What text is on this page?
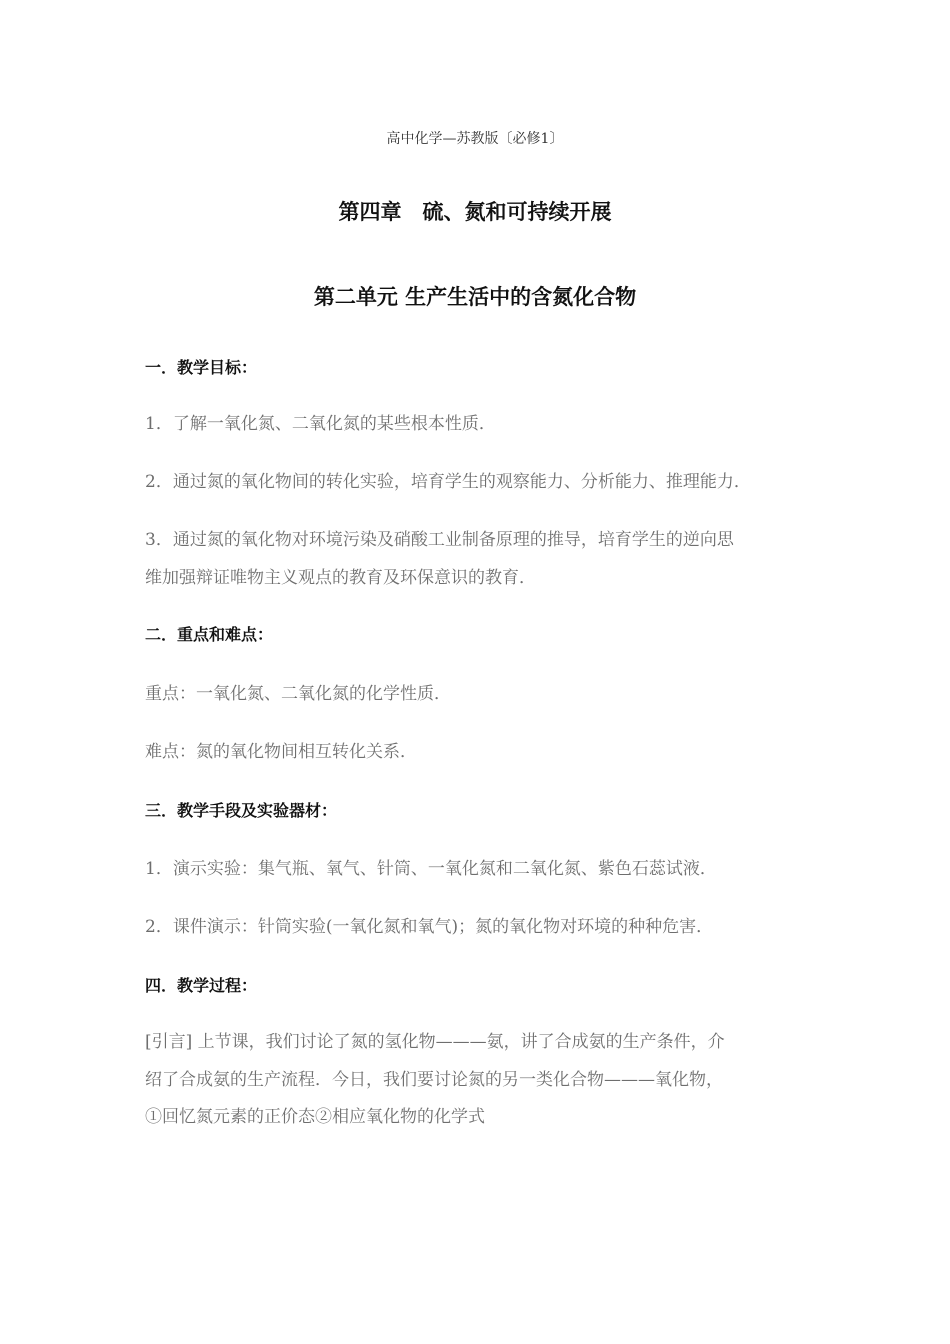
高中化学—苏教版〔必修1〕
第四章　硫、氮和可持续开展
第二单元 生产生活中的含氮化合物
一．教学目标：
1．了解一氧化氮、二氧化氮的某些根本性质．
2．通过氮的氧化物间的转化实验，培育学生的观察能力、分析能力、推理能力．
3．通过氮的氧化物对环境污染及硝酸工业制备原理的推导，培育学生的逆向思
维加强辩证唯物主义观点的教育及环保意识的教育．
二．重点和难点：
重点：一氧化氮、二氧化氮的化学性质．
难点：氮的氧化物间相互转化关系．
三．教学手段及实验器材：
1．演示实验：集气瓶、氧气、针筒、一氧化氮和二氧化氮、紫色石蕊试液．
2．课件演示：针筒实验(一氧化氮和氧气)；氮的氧化物对环境的种种危害．
四．教学过程：
[引言] 上节课，我们讨论了氮的氢化物———氨，讲了合成氨的生产条件，介
绍了合成氨的生产流程．今日，我们要讨论氮的另一类化合物———氧化物，
①回忆氮元素的正价态②相应氧化物的化学式
